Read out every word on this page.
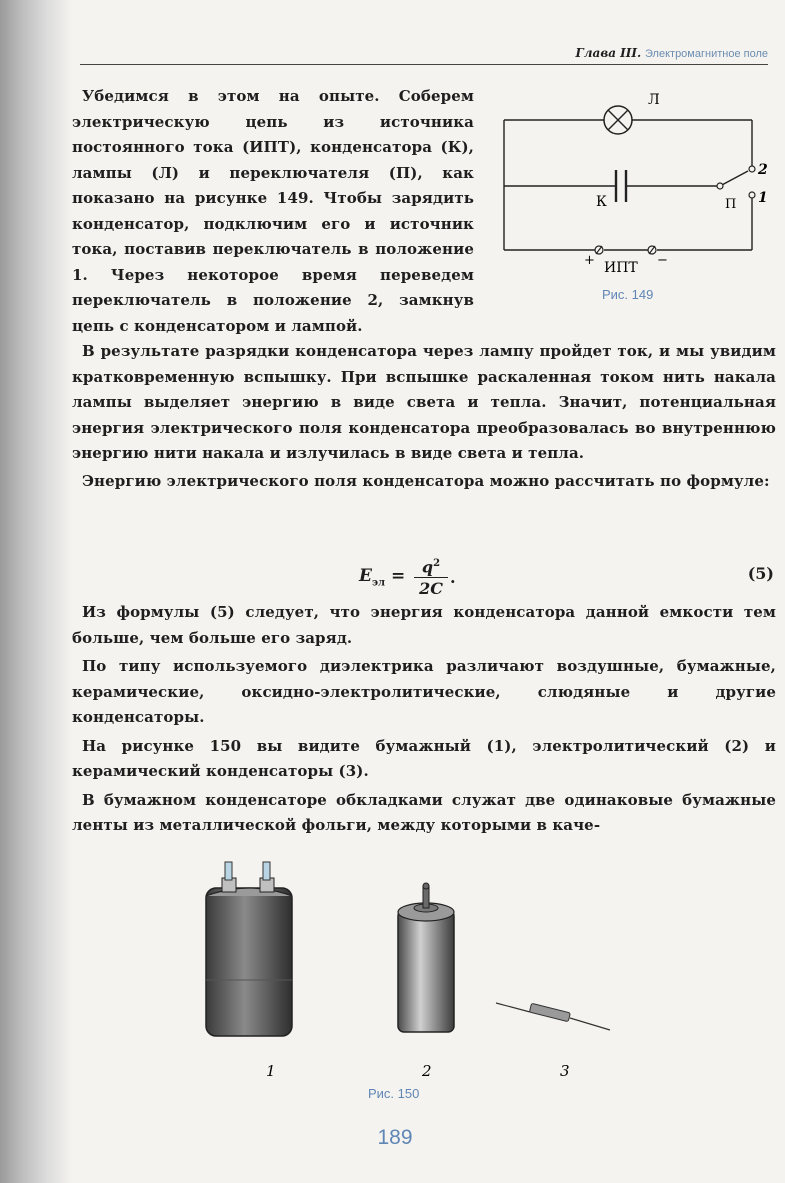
Глава III. Электромагнитное поле

Убедимся в этом на опыте. Соберем электрическую цепь из источника постоянного тока (ИПТ), конденсатора (К), лампы (Л) и переключателя (П), как показано на рисунке 149. Чтобы зарядить конденсатор, подключим его и источник тока, поставив переключатель в положение 1. Через некоторое время переведем переключатель в положение 2, замкнув цепь с конденсатором и лампой.

Л
К	П
2
1
ИПТ
+	−
Рис. 149

В результате разрядки конденсатора через лампу пройдет ток, и мы увидим кратковременную вспышку. При вспышке раскаленная током нить накала лампы выделяет энергию в виде света и тепла. Значит, потенциальная энергия электрического поля конденсатора преобразовалась во внутреннюю энергию нити накала и излучилась в виде света и тепла.

Энергию электрического поля конденсатора можно рассчитать по формуле:

$E_{эл}$ =	$q^2$
2C
.	(5)

Из формулы (5) следует, что энергия конденсатора данной емкости тем больше, чем больше его заряд.

По типу используемого диэлектрика различают воздушные, бумажные, керамические, оксидно-электролитические, слюдяные и другие конденсаторы.

На рисунке 150 вы видите бумажный (1), электролитический (2) и керамический конденсаторы (3).

В бумажном конденсаторе обкладками служат две одинаковые бумажные ленты из металлической фольги, между которыми в каче-

1	2	3
Рис. 150
189
